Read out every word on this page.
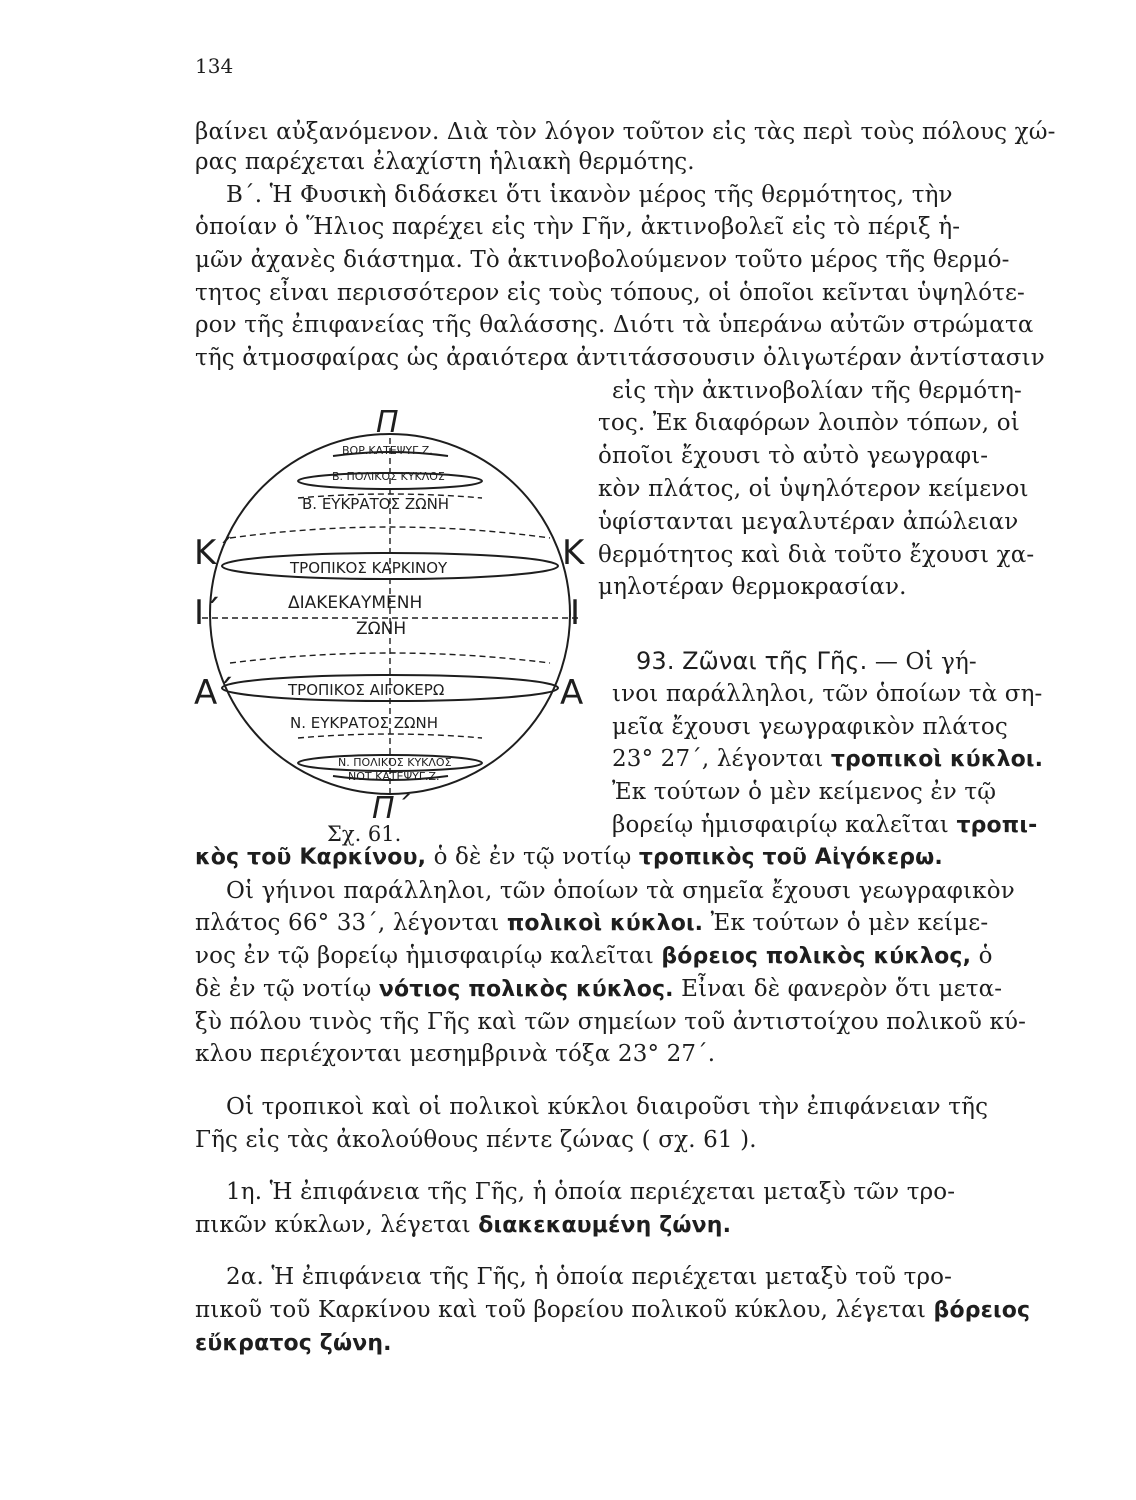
134
βαίνει αὐξανόμενον. Διὰ τὸν λόγον τοῦτον εἰς τὰς περὶ τοὺς πόλους χώ-
ρας παρέχεται ἐλαχίστη ἡλιακὴ θερμότης.
Β΄. Ἡ Φυσικὴ διδάσκει ὅτι ἱκανὸν μέρος τῆς θερμότητος, τὴν
ὁποίαν ὁ Ἥλιος παρέχει εἰς τὴν Γῆν, ἀκτινοβολεῖ εἰς τὸ πέριξ ἡ-
μῶν ἀχανὲς διάστημα. Τὸ ἀκτινοβολούμενον τοῦτο μέρος τῆς θερμό-
τητος εἶναι περισσότερον εἰς τοὺς τόπους, οἱ ὁποῖοι κεῖνται ὑψηλότε-
ρον τῆς ἐπιφανείας τῆς θαλάσσης. Διότι τὰ ὑπεράνω αὐτῶν στρώματα
τῆς ἀτμοσφαίρας ὡς ἀραιότερα ἀντιτάσσουσιν ὀλιγωτέραν ἀντίστασιν
εἰς τὴν ἀκτινοβολίαν τῆς θερμότη-
τος. Ἐκ διαφόρων λοιπὸν τόπων, οἱ
ὁποῖοι ἔχουσι τὸ αὐτὸ γεωγραφι-
κὸν πλάτος, οἱ ὑψηλότερον κείμενοι
ὑφίστανται μεγαλυτέραν ἀπώλειαν
θερμότητος καὶ διὰ τοῦτο ἔχουσι χα-
μηλοτέραν θερμοκρασίαν.
93. Ζῶναι τῆς Γῆς. — Οἱ γή-
ινοι παράλληλοι, τῶν ὁποίων τὰ ση-
μεῖα ἔχουσι γεωγραφικὸν πλάτος
23° 27΄, λέγονται τροπικοὶ κύκλοι.
Ἐκ τούτων ὁ μὲν κείμενος ἐν τῷ
βορείῳ ἡμισφαιρίῳ καλεῖται τροπι-
κὸς τοῦ Καρκίνου, ὁ δὲ ἐν τῷ νοτίῳ τροπικὸς τοῦ Αἰγόκερω.
Οἱ γήινοι παράλληλοι, τῶν ὁποίων τὰ σημεῖα ἔχουσι γεωγραφικὸν
πλάτος 66° 33΄, λέγονται πολικοὶ κύκλοι. Ἐκ τούτων ὁ μὲν κείμε-
νος ἐν τῷ βορείῳ ἡμισφαιρίῳ καλεῖται βόρειος πολικὸς κύκλος, ὁ
δὲ ἐν τῷ νοτίῳ νότιος πολικὸς κύκλος. Εἶναι δὲ φανερὸν ὅτι μετα-
ξὺ πόλου τινὸς τῆς Γῆς καὶ τῶν σημείων τοῦ ἀντιστοίχου πολικοῦ κύ-
κλου περιέχονται μεσημβρινὰ τόξα 23° 27΄.
Οἱ τροπικοὶ καὶ οἱ πολικοὶ κύκλοι διαιροῦσι τὴν ἐπιφάνειαν τῆς
Γῆς εἰς τὰς ἀκολούθους πέντε ζώνας ( σχ. 61 ).
1η. Ἡ ἐπιφάνεια τῆς Γῆς, ἡ ὁποία περιέχεται μεταξὺ τῶν τρο-
πικῶν κύκλων, λέγεται διακεκαυμένη ζώνη.
2α. Ἡ ἐπιφάνεια τῆς Γῆς, ἡ ὁποία περιέχεται μεταξὺ τοῦ τρο-
πικοῦ τοῦ Καρκίνου καὶ τοῦ βορείου πολικοῦ κύκλου, λέγεται βόρειος
εὔκρατος ζώνη.
ΒΟΡ.ΚΑΤΕΨΥΓ.Ζ.
Β. ΠΟΛΙΚΟΣ ΚΥΚΛΟΣ
Β. ΕΥΚΡΑΤΟΣ ΖΩΝΗ
ΤΡΟΠΙΚΟΣ ΚΑΡΚΙΝΟΥ
ΔΙΑΚΕΚΑΥΜΕΝΗ
ΖΩΝΗ
ΤΡΟΠΙΚΟΣ ΑΙΓΟΚΕΡΩ
Ν. ΕΥΚΡΑΤΟΣ ΖΩΝΗ
Ν. ΠΟΛΙΚΟΣ ΚΥΚΛΟΣ
ΝΟΤ.ΚΑΤΕΨΥΓ.Ζ.
Π
Π΄
Κ΄
Ι΄
Α΄
Κ
Ι
Α
Σχ. 61.
